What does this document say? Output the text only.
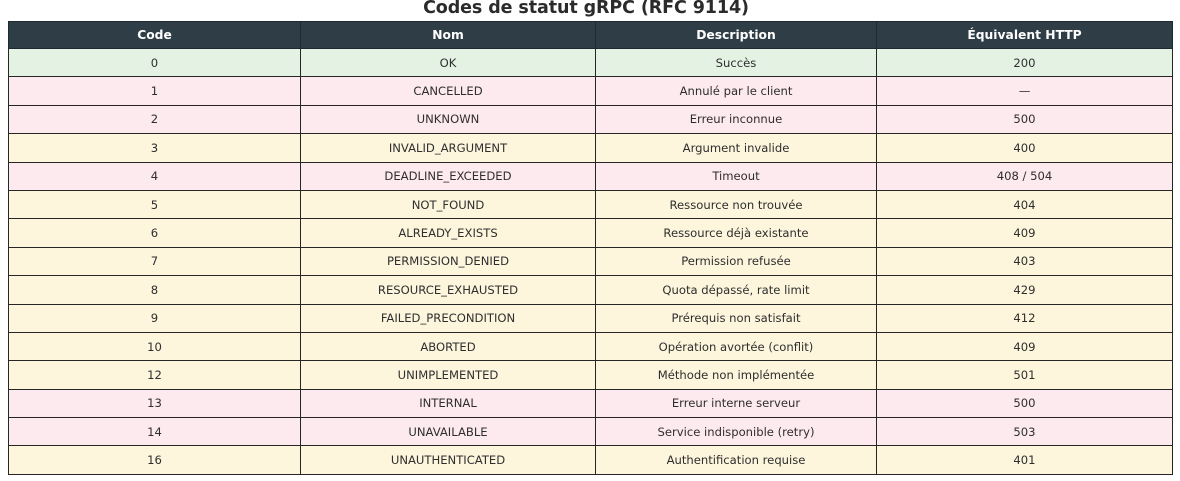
Codes de statut gRPC (RFC 9114)
Code	Nom	Description	Équivalent HTTP
0	OK	Succès	200
1	CANCELLED	Annulé par le client	—
2	UNKNOWN	Erreur inconnue	500
3	INVALID_ARGUMENT	Argument invalide	400
4	DEADLINE_EXCEEDED	Timeout	408 / 504
5	NOT_FOUND	Ressource non trouvée	404
6	ALREADY_EXISTS	Ressource déjà existante	409
7	PERMISSION_DENIED	Permission refusée	403
8	RESOURCE_EXHAUSTED	Quota dépassé, rate limit	429
9	FAILED_PRECONDITION	Prérequis non satisfait	412
10	ABORTED	Opération avortée (conflit)	409
12	UNIMPLEMENTED	Méthode non implémentée	501
13	INTERNAL	Erreur interne serveur	500
14	UNAVAILABLE	Service indisponible (retry)	503
16	UNAUTHENTICATED	Authentification requise	401
